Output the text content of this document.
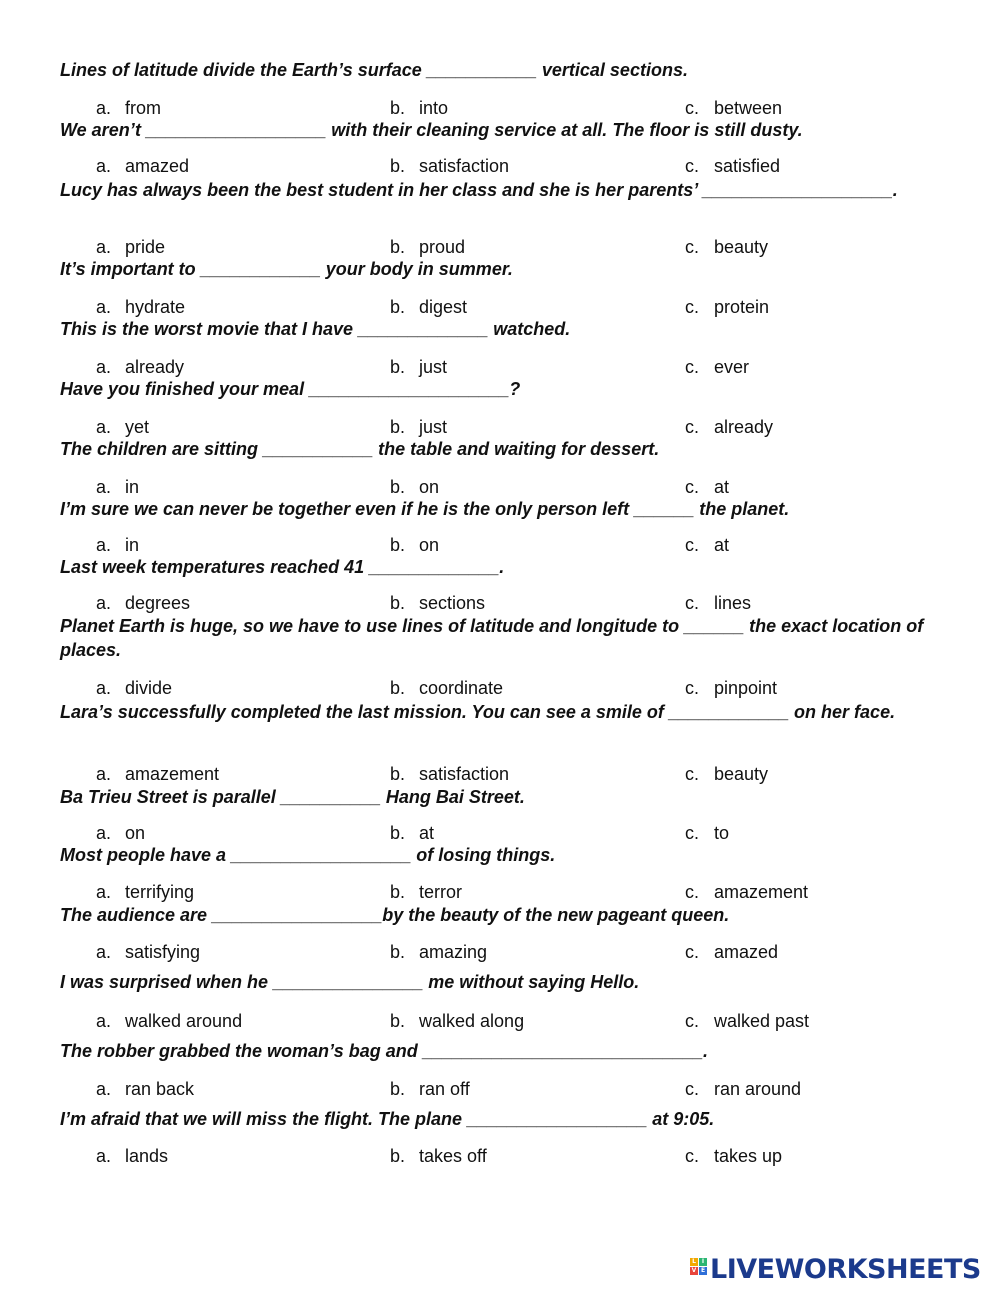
Lines of latitude divide the Earth’s surface ___________ vertical sections.
a. from	b. into	c. between
We aren’t __________________ with their cleaning service at all. The floor is still dusty.
a. amazed	b. satisfaction	c. satisfied
Lucy has always been the best student in her class and she is her parents’ ___________________.
a. pride	b. proud	c. beauty
It’s important to ____________ your body in summer.
a. hydrate	b. digest	c. protein
This is the worst movie that I have _____________ watched.
a. already	b. just	c. ever
Have you finished your meal ____________________?
a. yet	b. just	c. already
The children are sitting ___________ the table and waiting for dessert.
a. in	b. on	c. at
I’m sure we can never be together even if he is the only person left ______ the planet.
a. in	b. on	c. at
Last week temperatures reached 41 _____________.
a. degrees	b. sections	c. lines
Planet Earth is huge, so we have to use lines of latitude and longitude to ______ the exact location of places.
a. divide	b. coordinate	c. pinpoint
Lara’s successfully completed the last mission. You can see a smile of ____________ on her face.
a. amazement	b. satisfaction	c. beauty
Ba Trieu Street is parallel __________ Hang Bai Street.
a. on	b. at	c. to
Most people have a __________________ of losing things.
a. terrifying	b. terror	c. amazement
The audience are _________________by the beauty of the new pageant queen.
a. satisfying	b. amazing	c. amazed
I was surprised when he _______________ me without saying Hello.
a. walked around	b. walked along	c. walked past
The robber grabbed the woman’s bag and ____________________________.
a. ran back	b. ran off	c. ran around
I’m afraid that we will miss the flight. The plane __________________ at 9:05.
a. lands	b. takes off	c. takes up
L I
V E LIVEWORKSHEETS
